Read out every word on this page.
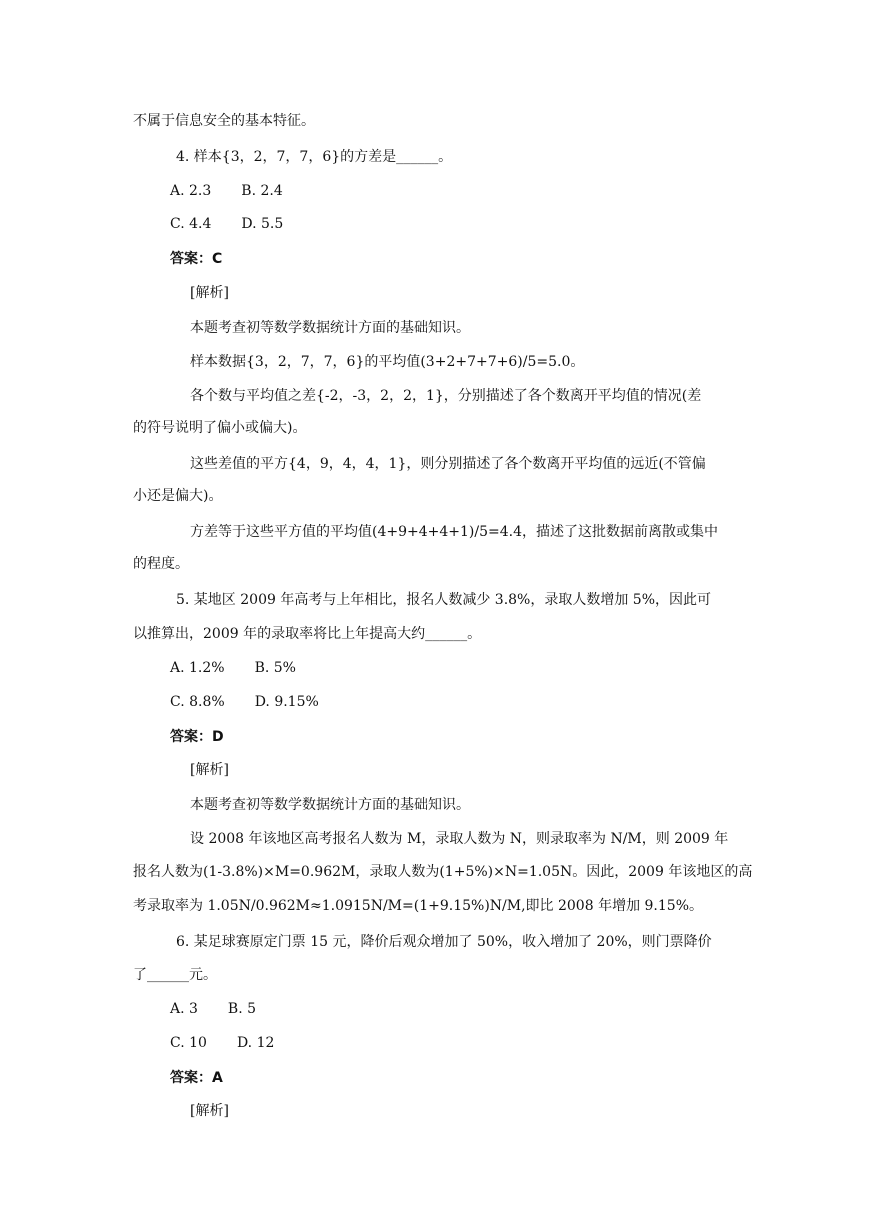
不属于信息安全的基本特征。
4. 样本{3，2，7，7，6}的方差是______。
A. 2.3 B. 2.4
C. 4.4 D. 5.5
答案：C
[解析]
本题考查初等数学数据统计方面的基础知识。
样本数据{3，2，7，7，6}的平均值(3+2+7+7+6)/5=5.0。
各个数与平均值之差{-2，-3，2，2，1}，分别描述了各个数离开平均值的情况(差
的符号说明了偏小或偏大)。
这些差值的平方{4，9，4，4，1}，则分别描述了各个数离开平均值的远近(不管偏
小还是偏大)。
方差等于这些平方值的平均值(4+9+4+4+1)/5=4.4，描述了这批数据前离散或集中
的程度。
5. 某地区 2009 年高考与上年相比，报名人数减少 3.8%，录取人数增加 5%，因此可
以推算出，2009 年的录取率将比上年提高大约______。
A. 1.2% B. 5%
C. 8.8% D. 9.15%
答案：D
[解析]
本题考查初等数学数据统计方面的基础知识。
设 2008 年该地区高考报名人数为 M，录取人数为 N，则录取率为 N/M，则 2009 年
报名人数为(1-3.8%)×M=0.962M，录取人数为(1+5%)×N=1.05N。因此，2009 年该地区的高
考录取率为 1.05N/0.962M≈1.0915N/M=(1+9.15%)N/M,即比 2008 年增加 9.15%。
6. 某足球赛原定门票 15 元，降价后观众增加了 50%，收入增加了 20%，则门票降价
了______元。
A. 3 B. 5
C. 10 D. 12
答案：A
[解析]
